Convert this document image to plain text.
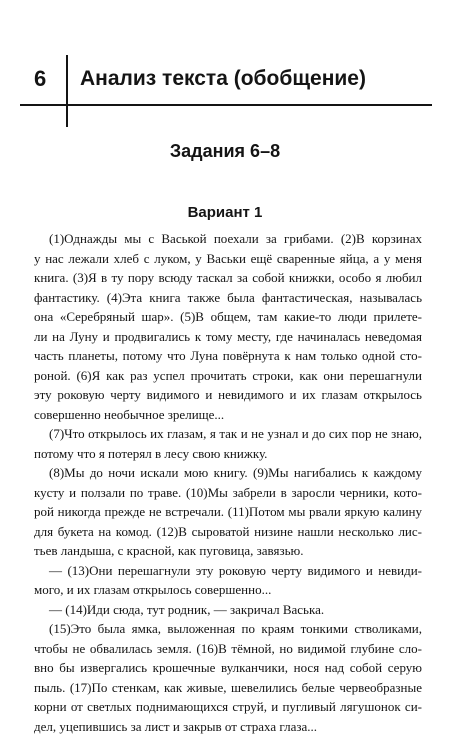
6 Анализ текста (обобщение)
Задания 6–8
Вариант 1
(1)Однажды мы с Васькой поехали за грибами. (2)В корзинах
у нас лежали хлеб с луком, у Васьки ещё сваренные яйца, а у меня
книга. (3)Я в ту пору всюду таскал за собой книжки, особо я любил
фантастику. (4)Эта книга также была фантастическая, называлась
она «Серебряный шар». (5)В общем, там какие-то люди прилете-
ли на Луну и продвигались к тому месту, где начиналась неведомая
часть планеты, потому что Луна повёрнута к нам только одной сто-
роной. (6)Я как раз успел прочитать строки, как они перешагнули
эту роковую черту видимого и невидимого и их глазам открылось
совершенно необычное зрелище...
(7)Что открылось их глазам, я так и не узнал и до сих пор не знаю,
потому что я потерял в лесу свою книжку.
(8)Мы до ночи искали мою книгу. (9)Мы нагибались к каждому
кусту и ползали по траве. (10)Мы забрели в заросли черники, кото-
рой никогда прежде не встречали. (11)Потом мы рвали яркую калину
для букета на комод. (12)В сыроватой низине нашли несколько лис-
тьев ландыша, с красной, как пуговица, завязью.
— (13)Они перешагнули эту роковую черту видимого и невиди-
мого, и их глазам открылось совершенно...
— (14)Иди сюда, тут родник, — закричал Васька.
(15)Это была ямка, выложенная по краям тонкими стволиками,
чтобы не обвалилась земля. (16)В тёмной, но видимой глубине сло-
вно бы извергались крошечные вулканчики, нося над собой серую
пыль. (17)По стенкам, как живые, шевелились белые червеобразные
корни от светлых поднимающихся струй, и пугливый лягушонок си-
дел, уцепившись за лист и закрыв от страха глаза...
